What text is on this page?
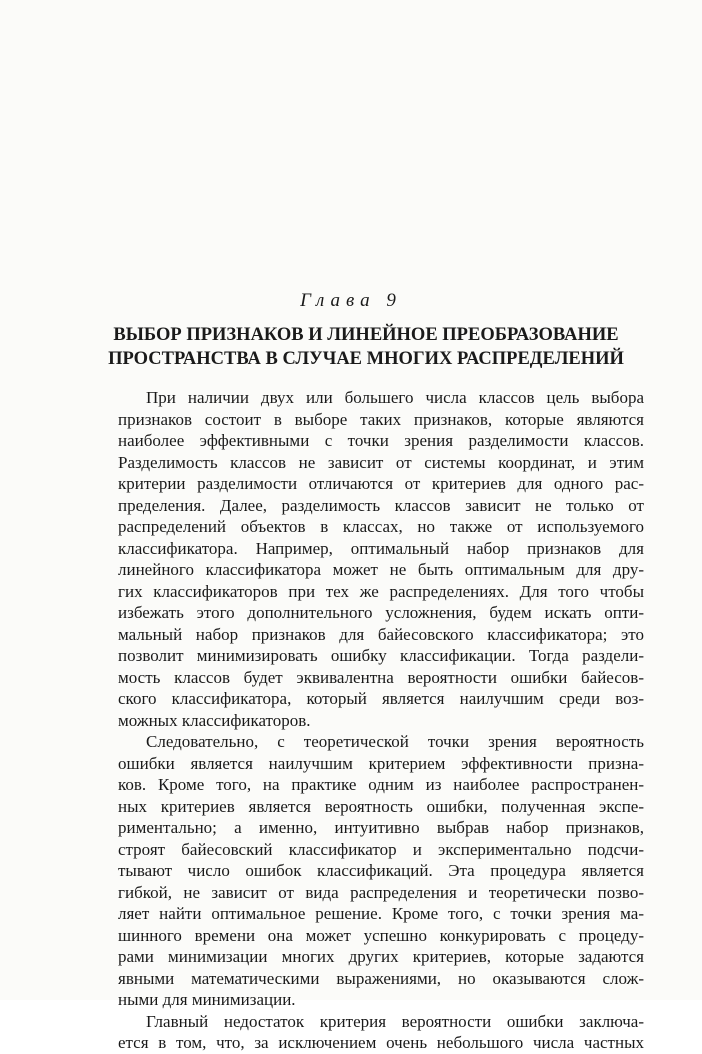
Глава 9
ВЫБОР ПРИЗНАКОВ И ЛИНЕЙНОЕ ПРЕОБРАЗОВАНИЕ
ПРОСТРАНСТВА В СЛУЧАЕ МНОГИХ РАСПРЕДЕЛЕНИЙ
При наличии двух или большего числа классов цель выбора
признаков состоит в выборе таких признаков, которые являются
наиболее эффективными с точки зрения разделимости классов.
Разделимость классов не зависит от системы координат, и этим
критерии разделимости отличаются от критериев для одного рас-
пределения. Далее, разделимость классов зависит не только от
распределений объектов в классах, но также от используемого
классификатора. Например, оптимальный набор признаков для
линейного классификатора может не быть оптимальным для дру-
гих классификаторов при тех же распределениях. Для того чтобы
избежать этого дополнительного усложнения, будем искать опти-
мальный набор признаков для байесовского классификатора; это
позволит минимизировать ошибку классификации. Тогда раздели-
мость классов будет эквивалентна вероятности ошибки байесов-
ского классификатора, который является наилучшим среди воз-
можных классификаторов.
Следовательно, с теоретической точки зрения вероятность
ошибки является наилучшим критерием эффективности призна-
ков. Кроме того, на практике одним из наиболее распространен-
ных критериев является вероятность ошибки, полученная экспе-
риментально; а именно, интуитивно выбрав набор признаков,
строят байесовский классификатор и экспериментально подсчи-
тывают число ошибок классификаций. Эта процедура является
гибкой, не зависит от вида распределения и теоретически позво-
ляет найти оптимальное решение. Кроме того, с точки зрения ма-
шинного времени она может успешно конкурировать с процеду-
рами минимизации многих других критериев, которые задаются
явными математическими выражениями, но оказываются слож-
ными для минимизации.
Главный недостаток критерия вероятности ошибки заключа-
ется в том, что, за исключением очень небольшого числа частных
